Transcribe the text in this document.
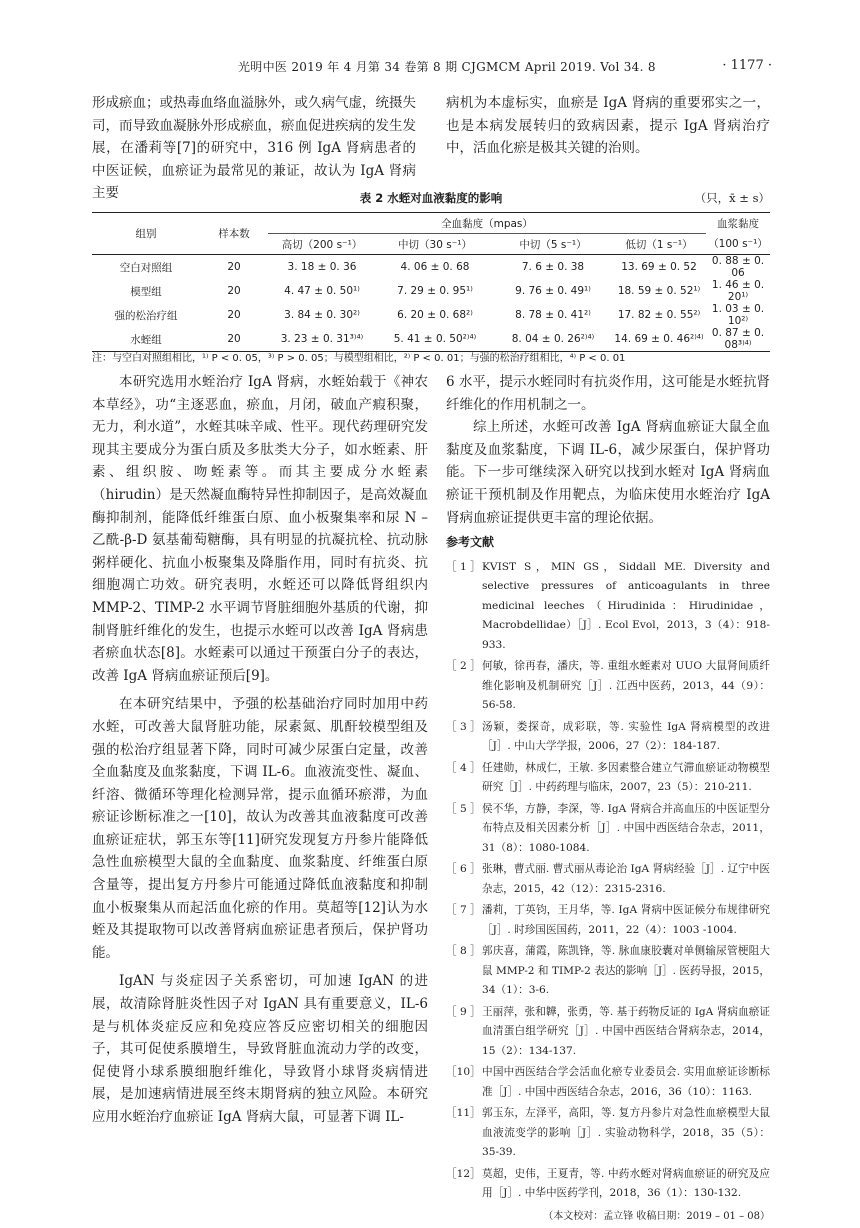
光明中医 2019 年 4 月第 34 卷第 8 期 CJGMCM April 2019. Vol 34. 8	· 1177 ·

形成瘀血；或热毒血络血溢脉外，或久病气虚，统摄失司，而导致血凝脉外形成瘀血，瘀血促进疾病的发生发展，在潘莉等[7]的研究中，316 例 IgA 肾病患者的中医证候，血瘀证为最常见的兼证，故认为 IgA 肾病主要

病机为本虚标实，血瘀是 IgA 肾病的重要邪实之一，也是本病发展转归的致病因素，提示 IgA 肾病治疗中，活血化瘀是极其关键的治则。

表 2 水蛭对血液黏度的影响	（只，x̄ ± s）
组别	样本数	全血黏度（mpas）				血浆黏度
		高切（200 s⁻¹）	中切（30 s⁻¹）	中切（5 s⁻¹）	低切（1 s⁻¹）	（100 s⁻¹）
空白对照组	20	3. 18 ± 0. 36	4. 06 ± 0. 68	7. 6 ± 0. 38	13. 69 ± 0. 52	0. 88 ± 0. 06
模型组	20	4. 47 ± 0. 50¹⁾	7. 29 ± 0. 95¹⁾	9. 76 ± 0. 49¹⁾	18. 59 ± 0. 52¹⁾	1. 46 ± 0. 20¹⁾
强的松治疗组	20	3. 84 ± 0. 30²⁾	6. 20 ± 0. 68²⁾	8. 78 ± 0. 41²⁾	17. 82 ± 0. 55²⁾	1. 03 ± 0. 10²⁾
水蛭组	20	3. 23 ± 0. 31³⁾⁴⁾	5. 41 ± 0. 50²⁾⁴⁾	8. 04 ± 0. 26²⁾⁴⁾	14. 69 ± 0. 46²⁾⁴⁾	0. 87 ± 0. 08³⁾⁴⁾
注：与空白对照组相比，¹⁾ P < 0. 05，³⁾ P > 0. 05；与模型组相比，²⁾ P < 0. 01；与强的松治疗组相比，⁴⁾ P < 0. 01

本研究选用水蛭治疗 IgA 肾病，水蛭始载于《神农本草经》，功“主逐恶血，瘀血，月闭，破血产瘕积聚，无力，利水道”，水蛭其味辛咸、性平。现代药理研究发现其主要成分为蛋白质及多肽类大分子，如水蛭素、肝素、组织胺、吻蛭素等。而其主要成分水蛭素（hirudin）是天然凝血酶特异性抑制因子，是高效凝血酶抑制剂，能降低纤维蛋白原、血小板聚集率和尿 N – 乙酰-β-D 氨基葡萄糖酶，具有明显的抗凝抗栓、抗动脉粥样硬化、抗血小板聚集及降脂作用，同时有抗炎、抗细胞凋亡功效。研究表明，水蛭还可以降低肾组织内 MMP-2、TIMP-2 水平调节肾脏细胞外基质的代谢，抑制肾脏纤维化的发生，也提示水蛭可以改善 IgA 肾病患者瘀血状态[8]。水蛭素可以通过干预蛋白分子的表达，改善 IgA 肾病血瘀证预后[9]。

在本研究结果中，予强的松基础治疗同时加用中药水蛭，可改善大鼠肾脏功能，尿素氮、肌酐较模型组及强的松治疗组显著下降，同时可减少尿蛋白定量，改善全血黏度及血浆黏度，下调 IL-6。血液流变性、凝血、纤溶、微循环等理化检测异常，提示血循环瘀滞，为血瘀证诊断标准之一[10]，故认为改善其血液黏度可改善血瘀证症状，郭玉东等[11]研究发现复方丹参片能降低急性血瘀模型大鼠的全血黏度、血浆黏度、纤维蛋白原含量等，提出复方丹参片可能通过降低血液黏度和抑制血小板聚集从而起活血化瘀的作用。莫超等[12]认为水蛭及其提取物可以改善肾病血瘀证患者预后，保护肾功能。

IgAN 与炎症因子关系密切，可加速 IgAN 的进展，故清除肾脏炎性因子对 IgAN 具有重要意义，IL-6 是与机体炎症反应和免疫应答反应密切相关的细胞因子，其可促使系膜增生，导致肾脏血流动力学的改变，促使肾小球系膜细胞纤维化，导致肾小球肾炎病情进展，是加速病情进展至终末期肾病的独立风险。本研究应用水蛭治疗血瘀证 IgA 肾病大鼠，可显著下调 IL-

6 水平，提示水蛭同时有抗炎作用，这可能是水蛭抗肾纤维化的作用机制之一。

综上所述，水蛭可改善 IgA 肾病血瘀证大鼠全血黏度及血浆黏度，下调 IL-6，减少尿蛋白，保护肾功能。下一步可继续深入研究以找到水蛭对 IgA 肾病血瘀证干预机制及作用靶点，为临床使用水蛭治疗 IgA 肾病血瘀证提供更丰富的理论依据。

参考文献
［ 1 ］ KVIST S，MIN GS，Siddall ME. Diversity and selective pressures of anticoagulants in three medicinal leeches（Hirudinida：Hirudinidae，Macrobdellidae）［J］. Ecol Evol，2013，3（4）：918-933.
［ 2 ］ 何敏，徐再春，潘庆，等. 重组水蛭素对 UUO 大鼠肾间质纤维化影响及机制研究［J］. 江西中医药，2013，44（9）：56-58.
［ 3 ］ 汤颖，娄探奇，成彩联，等. 实验性 IgA 肾病模型的改进［J］. 中山大学学报，2006，27（2）：184-187.
［ 4 ］ 任建勋，林成仁，王敏. 多因素整合建立气滞血瘀证动物模型研究［J］. 中药药理与临床，2007，23（5）：210-211.
［ 5 ］ 侯不华，方静，李深，等. IgA 肾病合并高血压的中医证型分布特点及相关因素分析［J］. 中国中西医结合杂志，2011，31（8）：1080-1084.
［ 6 ］ 张琳，曹式丽. 曹式丽从毒论治 IgA 肾病经验［J］. 辽宁中医杂志，2015，42（12）：2315-2316.
［ 7 ］ 潘莉，丁英钧，王月华，等. IgA 肾病中医证候分布规律研究［J］. 时珍国医国药，2011，22（4）：1003 -1004.
［ 8 ］ 郭庆喜，蒲霞，陈凯锋，等. 脉血康胶囊对单侧输尿管梗阻大鼠 MMP-2 和 TIMP-2 表达的影响［J］. 医药导报，2015，34（1）：3-6.
［ 9 ］ 王丽萍，张和韡，张勇，等. 基于药物反证的 IgA 肾病血瘀证血清蛋白组学研究［J］. 中国中西医结合肾病杂志，2014，15（2）：134-137.
［10］ 中国中西医结合学会活血化瘀专业委员会. 实用血瘀证诊断标准［J］. 中国中西医结合杂志，2016，36（10）：1163.
［11］ 郭玉东，左泽平，高阳，等. 复方丹参片对急性血瘀模型大鼠血液流变学的影响［J］. 实验动物科学，2018，35（5）：35-39.
［12］ 莫超，史伟，王夏青，等. 中药水蛭对肾病血瘀证的研究及应用［J］. 中华中医药学刊，2018，36（1）：130-132.
（本文校对：孟立锋 收稿日期：2019 – 01 – 08）
